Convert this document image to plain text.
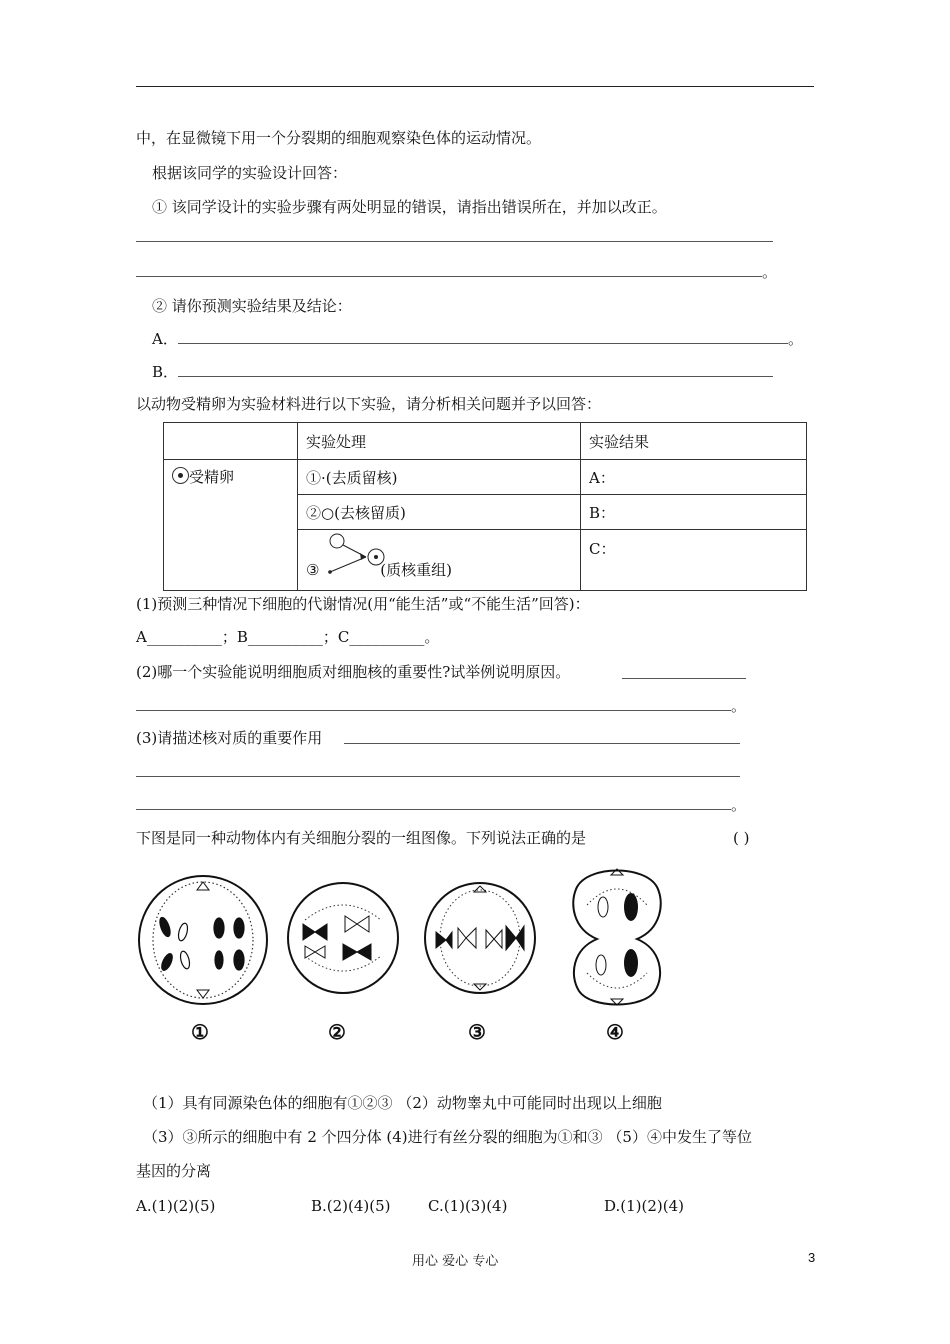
中，在显微镜下用一个分裂期的细胞观察染色体的运动情况。
根据该同学的实验设计回答：
① 该同学设计的实验步骤有两处明显的错误，请指出错误所在，并加以改正。
。
② 请你预测实验结果及结论：
A．	。
B．
以动物受精卵为实验材料进行以下实验，请分析相关问题并予以回答：
	实验处理	实验结果

受精卵	①·(去质留核)	A：
	②○(去核留质)	B：

③ (质核重组)	C：
(1)预测三种情况下细胞的代谢情况(用“能生活”或“不能生活”回答)：
A__________；B__________；C__________。
(2)哪一个实验能说明细胞质对细胞核的重要性?试举例说明原因。
。
(3)请描述核对质的重要作用
。
下图是同一种动物体内有关细胞分裂的一组图像。下列说法正确的是	( )
①	②	③	④
（1）具有同源染色体的细胞有①②③ （2）动物睾丸中可能同时出现以上细胞
（3）③所示的细胞中有 2 个四分体 (4)进行有丝分裂的细胞为①和③ （5）④中发生了等位
基因的分离
A.(1)(2)(5)	B.(2)(4)(5) C.(1)(3)(4)	D.(1)(2)(4)
用心 爱心 专心	3
